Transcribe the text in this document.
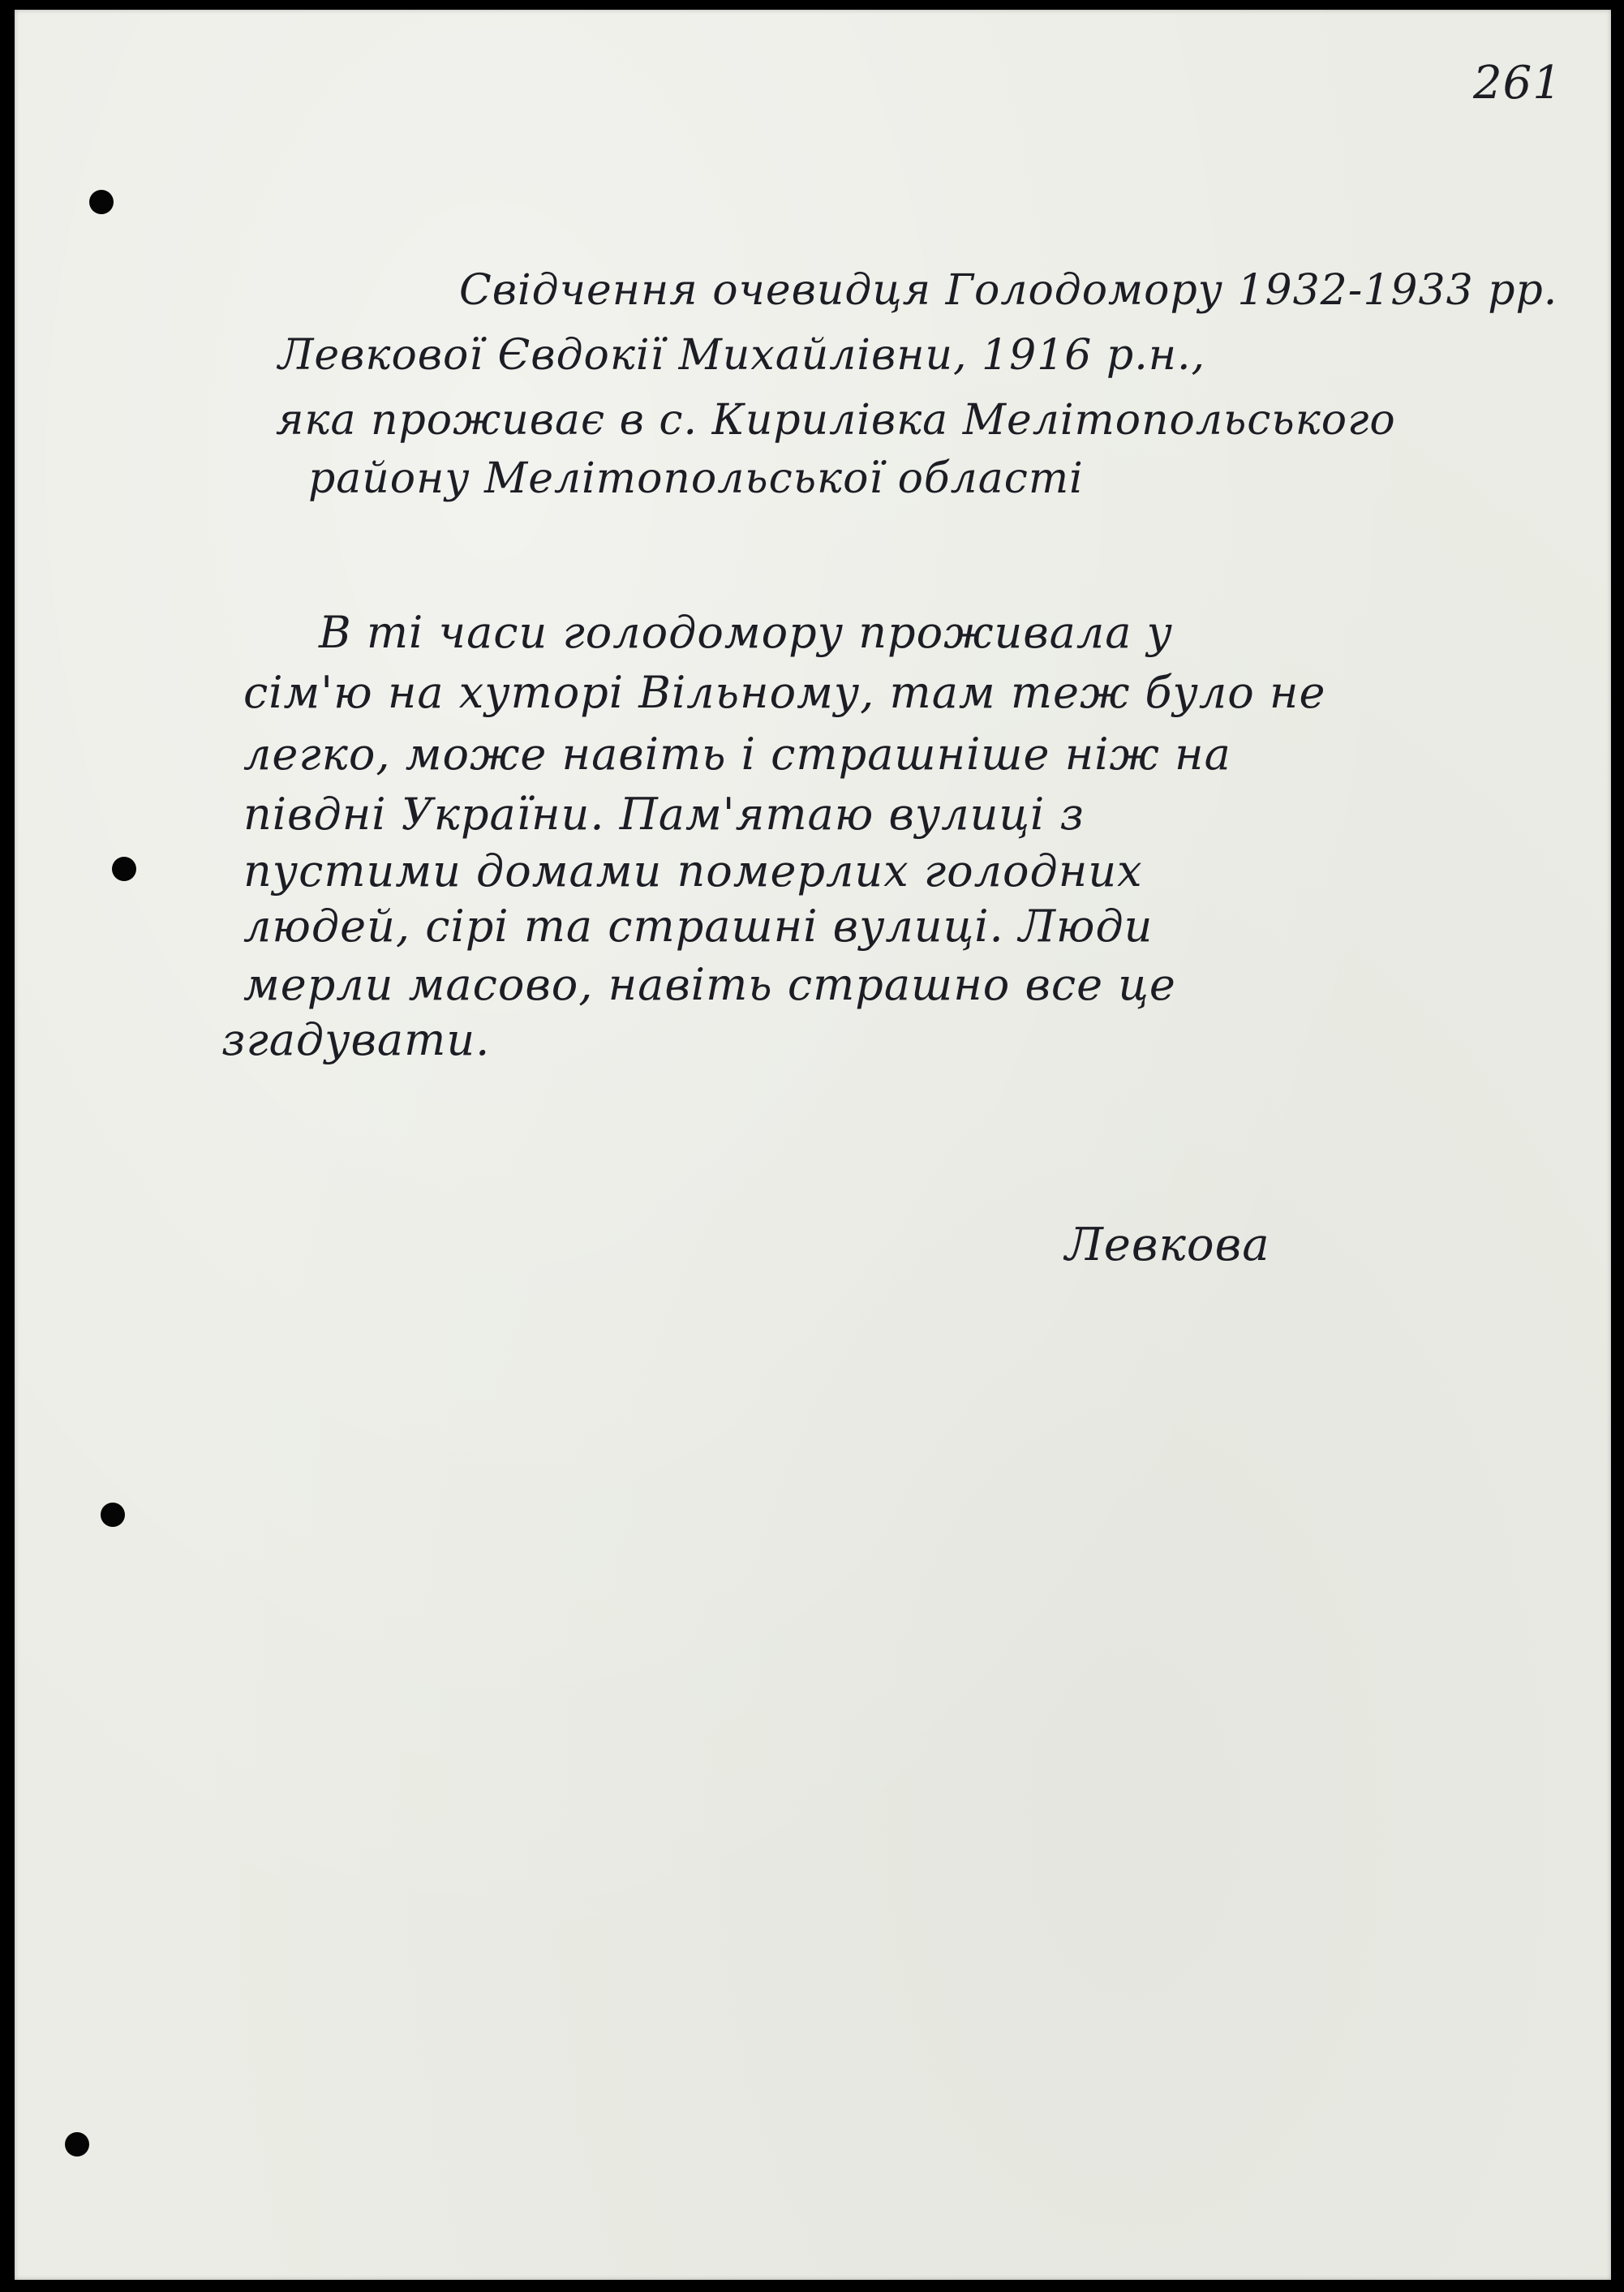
261
Свідчення очевидця Голодомору 1932-1933 рр.
Левкової Євдокії Михайлівни, 1916 р.н.,
яка проживає в с. Кирилівка Мелітопольського
району Мелітопольської області
В ті часи голодомору проживала у
сім'ю на хуторі Вільному, там теж було не
легко, може навіть і страшніше ніж на
півдні України. Пам'ятаю вулиці з
пустими домами померлих голодних
людей, сірі та страшні вулиці. Люди
мерли масово, навіть страшно все це
згадувати.
Левкова
